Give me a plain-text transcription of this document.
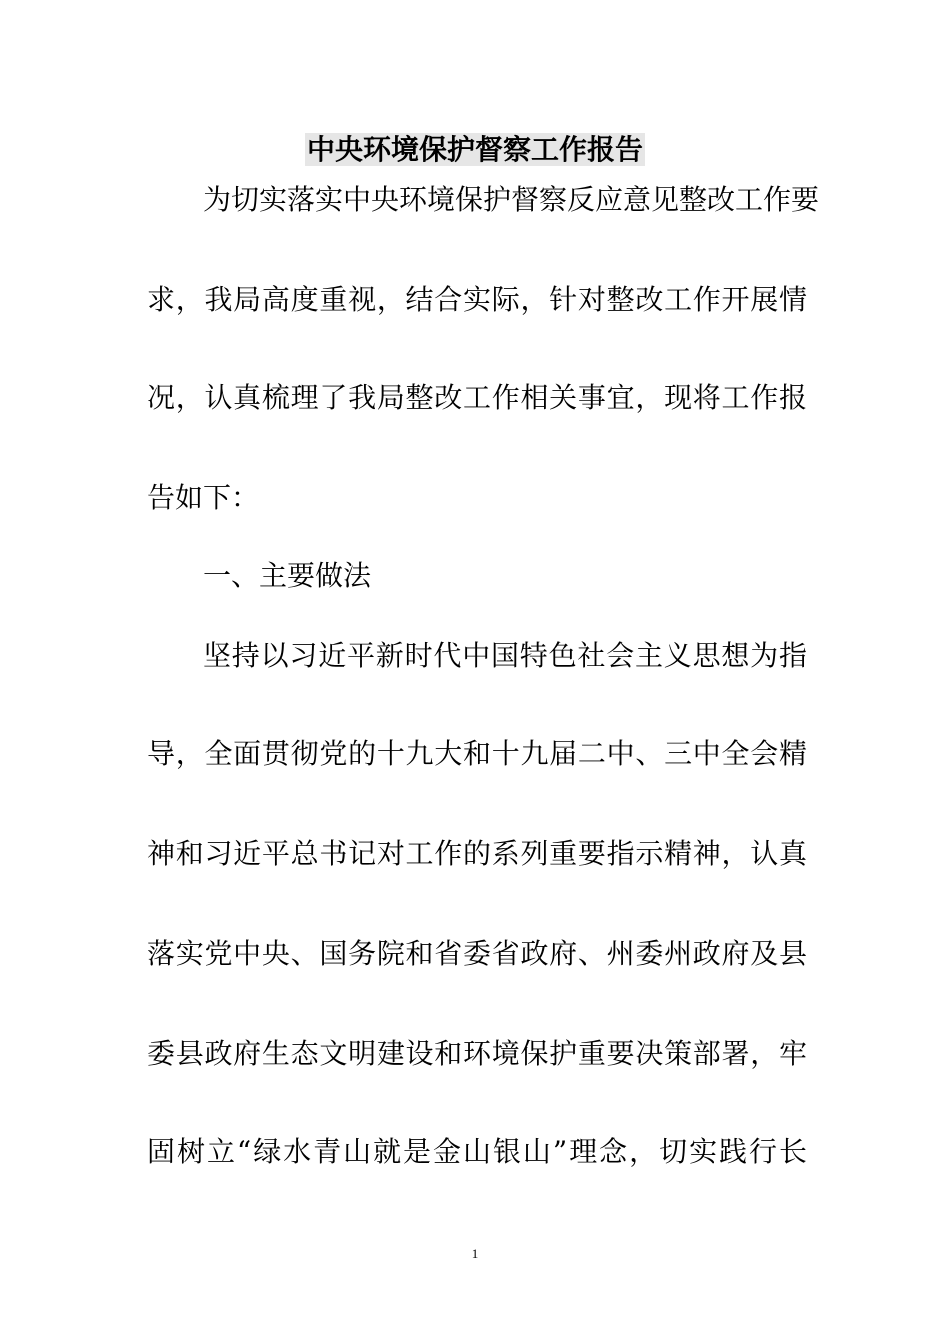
中央环境保护督察工作报告

为切实落实中央环境保护督察反应意见整改工作要

求，我局高度重视，结合实际，针对整改工作开展情

况，认真梳理了我局整改工作相关事宜，现将工作报

告如下：

一、主要做法

坚持以习近平新时代中国特色社会主义思想为指

导，全面贯彻党的十九大和十九届二中、三中全会精

神和习近平总书记对工作的系列重要指示精神，认真

落实党中央、国务院和省委省政府、州委州政府及县

委县政府生态文明建设和环境保护重要决策部署，牢

固树立“绿水青山就是金山银山”理念，切实践行长

1
